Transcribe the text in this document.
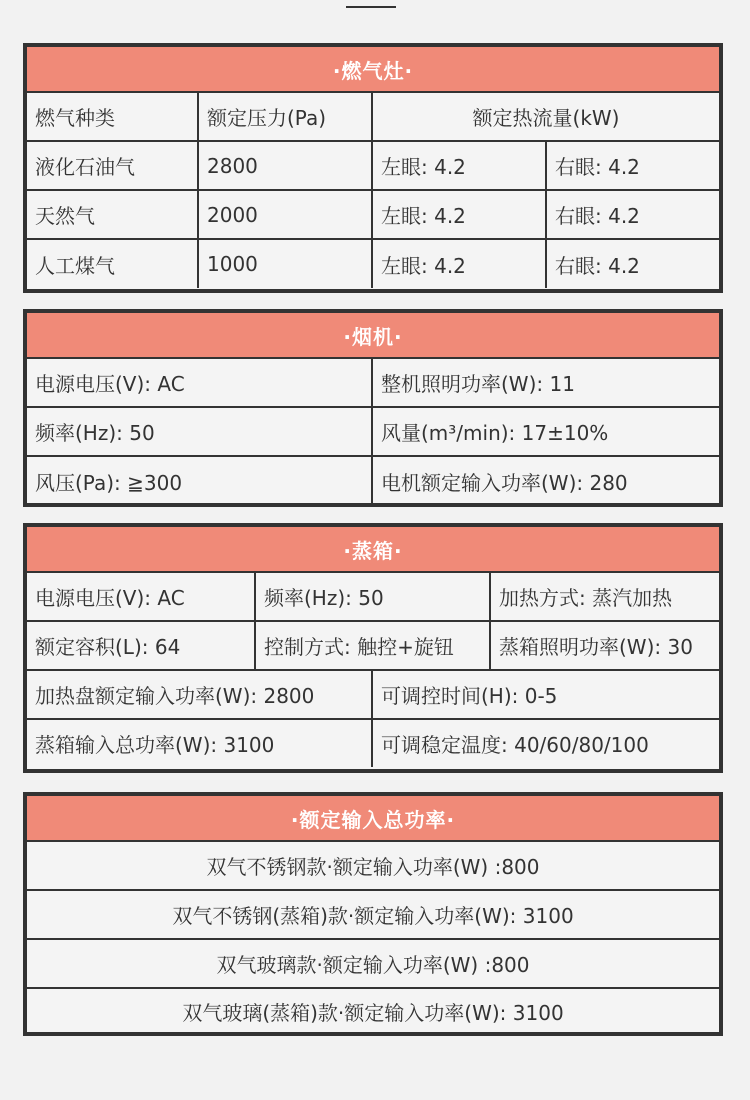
·燃气灶·
燃气种类	额定压力(Pa)	额定热流量(kW)
液化石油气	2800	左眼: 4.2	右眼: 4.2
天然气	2000	左眼: 4.2	右眼: 4.2
人工煤气	1000	左眼: 4.2	右眼: 4.2
·烟机·
电源电压(V): AC	整机照明功率(W): 11
频率(Hz): 50	风量(m³/min): 17±10%
风压(Pa): ≧300	电机额定输入功率(W): 280
·蒸箱·
电源电压(V): AC	频率(Hz): 50	加热方式: 蒸汽加热
额定容积(L): 64	控制方式: 触控+旋钮	蒸箱照明功率(W): 30
加热盘额定输入功率(W): 2800	可调控时间(H): 0-5
蒸箱输入总功率(W): 3100	可调稳定温度: 40/60/80/100
·额定输入总功率·
双气不锈钢款·额定输入功率(W) :800
双气不锈钢(蒸箱)款·额定输入功率(W): 3100
双气玻璃款·额定输入功率(W) :800
双气玻璃(蒸箱)款·额定输入功率(W): 3100
